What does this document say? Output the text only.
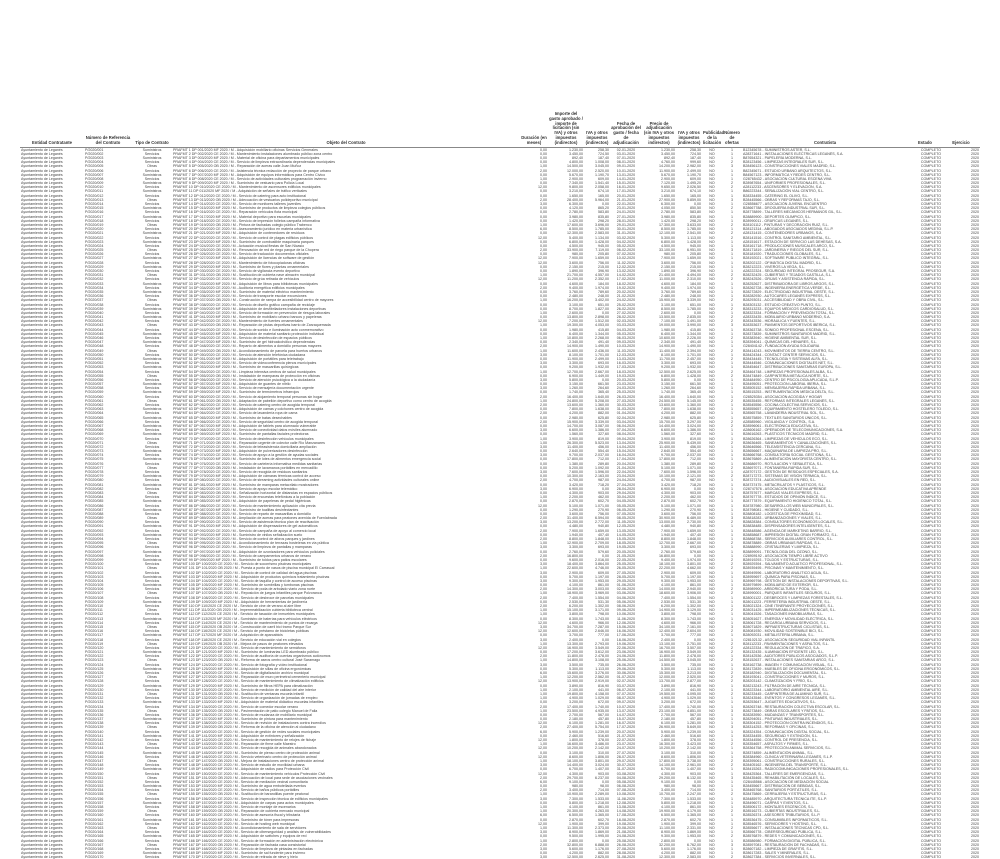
Entidad Contratante	Número de Referencia del Contrato	Tipo de Contrato	Objeto del Contrato	Duración (en meses)	Importe del gasto aprobado / importe de licitación (sin IVA) y otros impuestos (indirectos)	IVA y otros impuestos (indirectos)	Fecha de aprobación del gasto / fecha de adjudicación	Precio de adjudicación (sin IVA y otros impuestos indirectos)	IVA y otros impuestos (indirectos)	Publicidad de la licitación	Número de ofertas	Contratista	Estado	Ejercicio
Ayuntamiento de Leganés	P/2020/001	Suministros	PRAFMT 1 DP 001/2020 MF 2020 / M - Adquisición mobiliario oficinas Servicios Generales	0,00	1.230,00	258,30	02-01-2020	1.230,00	258,30	NO	1	B12345678 - SUMINISTROS ASTER, S.L.	COMPLETO	2020
Ayuntamiento de Leganés	P/2020/002	Servicios	PRAFMT 2 DP 002/2020 CE 2020 / M - Mantenimiento instalaciones alumbrado público zona centro	0,00	3.450,00	724,50	03-01-2020	3.450,00	724,50	NO	1	A28371641 - INSTALACIONES ELÉCTRICAS LEGANÉS, S.A.	COMPLETO	2020
Ayuntamiento de Leganés	P/2020/003	Suministros	PRAFMT 3 DP 003/2020 MF 2020 / M - Material de oficina para departamentos municipales	0,00	892,40	187,40	07-01-2020	892,40	187,40	NO	1	B87654321 - PAPELERÍA MODERNA, S.L.	COMPLETO	2020
Ayuntamiento de Leganés	P/2020/004	Servicios	PRAFMT 4 DP 004/2020 CE 2020 / M - Servicio de limpieza extraordinaria dependencias municipales	0,00	4.800,00	1.008,00	08-01-2020	4.760,00	999,60	NO	2	B28123456 - LIMPIEZAS INTEGRALES SUR, S.L.	COMPLETO	2020
Ayuntamiento de Leganés	P/2020/005	Obras	PRAFMT 5 DP 005/2020 OB 2020 / M - Reparación de aceras calle Juan Muñoz	1,00	14.500,00	3.045,00	09-01-2020	14.200,00	2.982,00	NO	3	B28456123 - CONSTRUCCIONES VIALES MADRID, S.L.	COMPLETO	2020
Ayuntamiento de Leganés	P/2020/006	Servicios	PRAFMT 6 DP 006/2020 CE 2020 / M - Asistencia técnica redacción de proyecto de parque urbano	2,00	12.000,00	2.520,00	10-01-2020	11.900,00	2.499,00	NO	1	B82345671 - ESTUDIO URBANO ARQUITECTOS, S.L.	COMPLETO	2020
Ayuntamiento de Leganés	P/2020/007	Suministros	PRAFMT 7 DP 007/2020 MF 2020 / M - Adquisición de equipos informáticos para Centro Cívico	0,00	5.670,00	1.190,70	13-01-2020	5.670,00	1.190,70	NO	1	B84567123 - INFORMÁTICA Y REDES CENTRO, S.L.	COMPLETO	2020
Ayuntamiento de Leganés	P/2020/008	Servicios	PRAFMT 8 DP 008/2020 CE 2020 / M - Servicio de actividades culturales programación invierno	1,00	2.900,00	609,00	14-01-2020	2.900,00	609,00	NO	1	G28765432 - ASOCIACIÓN CULTURAL ESCENA VIVA	COMPLETO	2020
Ayuntamiento de Leganés	P/2020/009	Suministros	PRAFMT 9 DP 009/2020 MF 2020 / M - Suministro de vestuario para Policía Local	0,00	7.340,00	1.541,40	15-01-2020	7.120,00	1.495,20	NO	2	B28987654 - UNIFORMES PROFESIONALES, S.L.	COMPLETO	2020
Ayuntamiento de Leganés	P/2020/010	Servicios	PRAFMT 10 DP 010/2020 CE 2020 / M - Mantenimiento de ascensores edificios municipales	12,00	9.800,00	2.058,00	16-01-2020	9.650,00	2.026,50	NO	2	A28112233 - ASCENSORES Y ELEVACIÓN, S.A.	COMPLETO	2020
Ayuntamiento de Leganés	P/2020/011	Suministros	PRAFMT 11 DP 011/2020 MF 2020 / M - Adquisición de señales de tráfico verticales	0,00	3.210,00	674,10	17-01-2020	3.210,00	674,10	NO	1	B86223344 - SEÑALIZACIÓN VIAL CENTRO, S.L.	COMPLETO	2020
Ayuntamiento de Leganés	P/2020/012	Servicios	PRAFMT 12 DP 012/2020 CE 2020 / M - Servicio de catering para acto institucional	0,00	1.650,00	165,00	20-01-2020	1.650,00	165,00	NO	1	B28334455 - CATERING EL OLIVO, S.L.	COMPLETO	2020
Ayuntamiento de Leganés	P/2020/013	Obras	PRAFMT 13 DP 013/2020 OB 2020 / M - Adecuación de vestuarios polideportivo municipal	2,00	28.400,00	5.964,00	21-01-2020	27.900,00	5.859,00	NO	3	B28445566 - OBRAS Y REFORMAS TAJO, S.L.	COMPLETO	2020
Ayuntamiento de Leganés	P/2020/014	Servicios	PRAFMT 14 DP 014/2020 CE 2020 / M - Servicio de monitores talleres juveniles	3,00	6.300,00	0,00	22-01-2020	6.300,00	0,00	NO	1	G28556677 - ASOCIACIÓN JUVENIL ENCUENTRO	COMPLETO	2020
Ayuntamiento de Leganés	P/2020/015	Suministros	PRAFMT 15 DP 015/2020 MF 2020 / M - Suministro de productos de limpieza colegios públicos	0,00	4.120,00	865,20	23-01-2020	4.050,00	850,50	NO	2	B28667788 - DROGUERÍA INDUSTRIAL SUR, S.L.	COMPLETO	2020
Ayuntamiento de Leganés	P/2020/016	Servicios	PRAFMT 16 DP 016/2020 CE 2020 / M - Reparación vehículos flota municipal	0,00	2.780,00	583,80	24-01-2020	2.780,00	583,80	NO	1	B28778899 - TALLERES MECÁNICOS HERMANOS GIL, S.L.	COMPLETO	2020
Ayuntamiento de Leganés	P/2020/017	Suministros	PRAFMT 17 DP 017/2020 MF 2020 / M - Material deportivo para escuelas municipales	0,00	3.980,00	835,80	27-01-2020	3.980,00	835,80	NO	1	B28889900 - DEPORTES OLÍMPICO, S.L.	COMPLETO	2020
Ayuntamiento de Leganés	P/2020/018	Servicios	PRAFMT 18 DP 018/2020 CE 2020 / M - Servicio de impresión folletos campaña informativa	0,00	1.420,00	298,20	28-01-2020	1.420,00	298,20	NO	1	B28990011 - GRÁFICAS LEGANÉS, S.L.	COMPLETO	2020
Ayuntamiento de Leganés	P/2020/019	Obras	PRAFMT 19 DP 019/2020 OB 2020 / M - Pintura de fachadas colegio público Trabenco	1,00	17.600,00	3.696,00	29-01-2020	17.300,00	3.633,00	NO	2	B28101112 - PINTURAS Y DECORACIÓN RUIZ, S.L.	COMPLETO	2020
Ayuntamiento de Leganés	P/2020/020	Servicios	PRAFMT 20 DP 020/2020 CE 2020 / M - Asesoramiento jurídico en materia urbanística	6,00	8.500,00	1.785,00	30-01-2020	8.500,00	1.785,00	NO	1	B28121314 - ABOGADOS ASOCIADOS MEDINA, S.L.P.	COMPLETO	2020
Ayuntamiento de Leganés	P/2020/021	Suministros	PRAFMT 21 DP 021/2020 MF 2020 / M - Adquisición de contenedores de residuos	0,00	12.300,00	2.583,00	31-01-2020	12.100,00	2.541,00	NO	2	A28131415 - CONTENEDORES URBANOS, S.A.	COMPLETO	2020
Ayuntamiento de Leganés	P/2020/022	Servicios	PRAFMT 22 DP 022/2020 CE 2020 / M - Servicio de control de plagas edificios públicos	12,00	5.400,00	1.134,00	03-02-2020	5.300,00	1.113,00	NO	2	B28141516 - CONTROL SANITARIO AMBIENTAL, S.L.	COMPLETO	2020
Ayuntamiento de Leganés	P/2020/023	Suministros	PRAFMT 23 DP 023/2020 MF 2020 / M - Suministro de combustible maquinaria parques	0,00	6.800,00	1.428,00	04-02-2020	6.800,00	1.428,00	NO	1	A28151617 - ESTACIÓN DE SERVICIO LAS DEHESAS, S.A.	COMPLETO	2020
Ayuntamiento de Leganés	P/2020/024	Servicios	PRAFMT 24 DP 024/2020 CE 2020 / M - Actuación musical fiestas de San Nicasio	0,00	4.500,00	945,00	05-02-2020	4.500,00	945,00	NO	1	B28161718 - PRODUCCIONES MUSICALES ARCO, S.L.	COMPLETO	2020
Ayuntamiento de Leganés	P/2020/025	Obras	PRAFMT 25 DP 025/2020 OB 2020 / M - Renovación de red de riego parque de la Chopera	2,00	33.900,00	7.119,00	06-02-2020	33.100,00	6.951,00	NO	3	B28171819 - JARDINERÍA Y RIEGOS DEL SUR, S.L.	COMPLETO	2020
Ayuntamiento de Leganés	P/2020/026	Servicios	PRAFMT 26 DP 026/2020 CE 2020 / M - Servicio de traducción documentos oficiales	0,00	980,00	205,80	07-02-2020	980,00	205,80	NO	1	B28181920 - TRADUCCIONES GLOBALES, S.L.	COMPLETO	2020
Ayuntamiento de Leganés	P/2020/027	Suministros	PRAFMT 27 DP 027/2020 MF 2020 / M - Adquisición de licencias de software de gestión	12,00	7.900,00	1.659,00	10-02-2020	7.900,00	1.659,00	NO	1	B28192021 - SOFTWARE PÚBLICO INTEGRAL, S.L.	COMPLETO	2020
Ayuntamiento de Leganés	P/2020/028	Servicios	PRAFMT 28 DP 028/2020 CE 2020 / M - Mantenimiento de fotocopiadoras oficinas	12,00	3.600,00	756,00	11-02-2020	3.600,00	756,00	NO	1	B28202122 - OFIMÁTICA DIGITAL MADRID, S.L.	COMPLETO	2020
Ayuntamiento de Leganés	P/2020/029	Suministros	PRAFMT 29 DP 029/2020 MF 2020 / M - Suministro de flores y plantas ornamentales	0,00	2.150,00	215,00	12-02-2020	2.150,00	215,00	NO	1	B28212223 - VIVEROS LA VEGA, S.L.	COMPLETO	2020
Ayuntamiento de Leganés	P/2020/030	Servicios	PRAFMT 30 DP 030/2020 CE 2020 / M - Servicio de vigilancia evento deportivo	0,00	1.890,00	396,90	13-02-2020	1.890,00	396,90	NO	1	A28222324 - SEGURIDAD INTEGRAL PROSEGUR, S.A.	COMPLETO	2020
Ayuntamiento de Leganés	P/2020/031	Obras	PRAFMT 31 DP 031/2020 OB 2020 / M - Sustitución de cubierta nave almacén municipal	1,00	21.700,00	4.557,00	14-02-2020	21.400,00	4.494,00	NO	2	B28232425 - CUBIERTAS Y TEJADOS CASTILLA, S.L.	COMPLETO	2020
Ayuntamiento de Leganés	P/2020/032	Servicios	PRAFMT 32 DP 032/2020 CE 2020 / M - Servicio de grúa retirada de vehículos	12,00	11.200,00	2.352,00	17-02-2020	11.000,00	2.310,00	NO	2	B28242526 - GRÚAS Y ASISTENCIA RÁPIDA, S.L.	COMPLETO	2020
Ayuntamiento de Leganés	P/2020/033	Suministros	PRAFMT 33 DP 033/2020 MF 2020 / M - Adquisición de libros para bibliotecas municipales	0,00	4.600,00	184,00	18-02-2020	4.600,00	184,00	NO	1	B28252627 - DISTRIBUIDORA DE LIBROS ARGOS, S.L.	COMPLETO	2020
Ayuntamiento de Leganés	P/2020/034	Servicios	PRAFMT 34 DP 034/2020 CE 2020 / M - Auditoría energética edificios municipales	2,00	9.400,00	1.974,00	19-02-2020	9.400,00	1.974,00	NO	1	B28262728 - INGENIERÍA ENERGÉTICA VERDE, S.L.	COMPLETO	2020
Ayuntamiento de Leganés	P/2020/035	Suministros	PRAFMT 35 DP 035/2020 MF 2020 / M - Suministro de material eléctrico mantenimiento	0,00	3.760,00	789,60	20-02-2020	3.760,00	789,60	NO	1	B28272829 - ELECTRICIDAD INDUSTRIAL OESTE, S.L.	COMPLETO	2020
Ayuntamiento de Leganés	P/2020/036	Servicios	PRAFMT 36 DP 036/2020 CE 2020 / M - Servicio de transporte escolar excursiones	0,00	2.480,00	248,00	21-02-2020	2.480,00	248,00	NO	1	B28282930 - AUTOCARES LEGANÉS EXPRESS, S.L.	COMPLETO	2020
Ayuntamiento de Leganés	P/2020/037	Obras	PRAFMT 37 DP 037/2020 OB 2020 / M - Construcción de rampa de accesibilidad centro de mayores	1,00	16.200,00	3.402,00	24-02-2020	15.900,00	3.339,00	NO	2	B28293031 - ACCESIBILIDAD Y OBRA CIVIL, S.L.	COMPLETO	2020
Ayuntamiento de Leganés	P/2020/038	Servicios	PRAFMT 38 DP 038/2020 CE 2020 / M - Servicio de diseño gráfico campaña de reciclaje	0,00	3.100,00	651,00	25-02-2020	3.100,00	651,00	NO	1	B28303132 - ESTUDIO CREATIVO PUNTO, S.L.	COMPLETO	2020
Ayuntamiento de Leganés	P/2020/039	Suministros	PRAFMT 39 DP 039/2020 MF 2020 / M - Adquisición de desfibriladores instalaciones deportivas	0,00	8.700,00	1.827,00	26-02-2020	8.500,00	1.785,00	NO	2	B28313233 - EQUIPOS MÉDICOS CARDIOSALUD, S.L.	COMPLETO	2020
Ayuntamiento de Leganés	P/2020/040	Servicios	PRAFMT 40 DP 040/2020 CE 2020 / M - Servicio de formación en prevención de riesgos laborales	1,00	2.600,00	0,00	27-02-2020	2.600,00	0,00	NO	1	B28323334 - FORMACIÓN Y PREVENCIÓN TOTAL, S.L.	COMPLETO	2020
Ayuntamiento de Leganés	P/2020/041	Suministros	PRAFMT 41 DP 041/2020 MF 2020 / M - Suministro de mobiliario urbano bancos y papeleras	0,00	13.800,00	2.898,00	28-02-2020	13.500,00	2.835,00	NO	2	A28333435 - MOBILIARIO URBANO MODERNO, S.A.	COMPLETO	2020
Ayuntamiento de Leganés	P/2020/042	Servicios	PRAFMT 42 DP 042/2020 CE 2020 / M - Mantenimiento de fuentes ornamentales	12,00	7.200,00	1.512,00	02-03-2020	7.100,00	1.491,00	NO	2	B28343536 - HIDRÁULICA Y FUENTES, S.L.	COMPLETO	2020
Ayuntamiento de Leganés	P/2020/043	Obras	PRAFMT 43 DP 043/2020 OB 2020 / M - Reparación de pistas deportivas barrio de Zarzaquemada	1,00	19.300,00	4.053,00	03-03-2020	19.000,00	3.990,00	NO	3	B28353637 - PAVIMENTOS DEPORTIVOS IBÉRICA, S.L.	COMPLETO	2020
Ayuntamiento de Leganés	P/2020/044	Servicios	PRAFMT 44 DP 044/2020 CE 2020 / M - Servicio de sonido e iluminación acto conmemorativo	0,00	1.980,00	415,80	04-03-2020	1.980,00	415,80	NO	1	B28363738 - SONIDO PROFESIONAL ESCENA, S.L.	COMPLETO	2020
Ayuntamiento de Leganés	P/2020/045	Suministros	PRAFMT 45 DP 045/2020 MF 2020 / M - Adquisición de material sanitario protección individual	0,00	6.400,00	1.344,00	05-03-2020	6.400,00	1.344,00	NO	1	B28373839 - SUMINISTROS SANITARIOS MADRID, S.L.	COMPLETO	2020
Ayuntamiento de Leganés	P/2020/046	Servicios	PRAFMT 46 DP 046/2020 CE 2020 / M - Servicio de desinfección de espacios públicos	1,00	10.800,00	2.268,00	06-03-2020	10.600,00	2.226,00	NO	2	B28383940 - HIGIENE AMBIENTAL SUR, S.L.	COMPLETO	2020
Ayuntamiento de Leganés	P/2020/047	Suministros	PRAFMT 47 DP 047/2020 MF 2020 / M - Suministro de gel hidroalcohólico dependencias	0,00	2.340,00	491,40	09-03-2020	2.340,00	491,40	NO	1	B28394041 - QUÍMICAS DEL HENARES, S.L.	COMPLETO	2020
Ayuntamiento de Leganés	P/2020/048	Servicios	PRAFMT 48 DP 048/2020 CE 2020 / M - Reparto de alimentos a domicilio personas mayores	2,00	14.900,00	1.490,00	10-03-2020	14.900,00	1.490,00	NO	1	G28404142 - FUNDACIÓN AYUDA SOLIDARIA	COMPLETO	2020
Ayuntamiento de Leganés	P/2020/049	Obras	PRAFMT 49 DP 049/2020 OB 2020 / M - Acondicionamiento de parcela para huertos urbanos	1,00	11.600,00	2.436,00	11-03-2020	11.400,00	2.394,00	NO	2	B28414243 - MOVIMIENTOS DE TIERRA CENTRO, S.L.	COMPLETO	2020
Ayuntamiento de Leganés	P/2020/050	Servicios	PRAFMT 50 DP 050/2020 CE 2020 / M - Servicio de atención telefónica ciudadana	3,00	8.100,00	1.701,00	12-03-2020	8.100,00	1.701,00	NO	1	B28424344 - CONTACT CENTER SERVICIOS, S.L.	COMPLETO	2020
Ayuntamiento de Leganés	P/2020/051	Suministros	PRAFMT 51 DP 051/2020 MF 2020 / M - Adquisición de portátiles para teletrabajo	0,00	11.900,00	2.499,00	13-03-2020	11.700,00	2.457,00	NO	2	B28434445 - TECNOLOGÍA Y SISTEMAS ALFA, S.L.	COMPLETO	2020
Ayuntamiento de Leganés	P/2020/052	Servicios	PRAFMT 52 DP 052/2020 CE 2020 / M - Servicio de videoconferencia plenos municipales	3,00	3.300,00	693,00	16-03-2020	3.300,00	693,00	NO	1	B28444546 - COMUNICACIONES DIGITALES NET, S.L.	COMPLETO	2020
Ayuntamiento de Leganés	P/2020/053	Suministros	PRAFMT 53 DP 053/2020 MF 2020 / M - Suministro de mascarillas quirúrgicas	0,00	9.200,00	1.932,00	17-03-2020	9.200,00	1.932,00	NO	1	B28454647 - DISTRIBUCIONES SANITARIAS EUROPA, S.L.	COMPLETO	2020
Ayuntamiento de Leganés	P/2020/054	Servicios	PRAFMT 54 DP 054/2020 CE 2020 / M - Limpieza intensiva centros de salud municipales	1,00	12.700,00	2.667,00	18-03-2020	12.500,00	2.625,00	NO	2	B28464748 - LIMPIEZAS PROFESIONALES ALBA, S.L.	COMPLETO	2020
Ayuntamiento de Leganés	P/2020/055	Obras	PRAFMT 55 DP 055/2020 OB 2020 / M - Instalación de mamparas de protección en oficinas	0,00	6.900,00	1.449,00	19-03-2020	6.800,00	1.428,00	NO	2	B28474849 - CARPINTERÍA METÁLICA NORTE, S.L.	COMPLETO	2020
Ayuntamiento de Leganés	P/2020/056	Servicios	PRAFMT 56 DP 056/2020 CE 2020 / M - Servicio de atención psicológica a la ciudadanía	3,00	5.800,00	0,00	20-03-2020	5.800,00	0,00	NO	1	B28484950 - CENTRO DE PSICOLOGÍA APLICADA, S.L.P.	COMPLETO	2020
Ayuntamiento de Leganés	P/2020/057	Suministros	PRAFMT 57 DP 057/2020 MF 2020 / M - Adquisición de guantes de nitrilo	0,00	3.150,00	661,50	23-03-2020	3.150,00	661,50	NO	1	B28495051 - PROTECCIÓN LABORAL IBERIA, S.L.	COMPLETO	2020
Ayuntamiento de Leganés	P/2020/058	Servicios	PRAFMT 58 DP 058/2020 CE 2020 / M - Servicio de mensajería documentación urgente	3,00	1.260,00	264,60	24-03-2020	1.260,00	264,60	NO	1	B28505152 - MENSAJERÍA RÁPIDA URBANA, S.L.	COMPLETO	2020
Ayuntamiento de Leganés	P/2020/059	Suministros	PRAFMT 59 DP 059/2020 MF 2020 / M - Suministro de termómetros infrarrojos	0,00	1.740,00	365,40	25-03-2020	1.740,00	365,40	NO	1	B28515253 - INSTRUMENTACIÓN MÉDICA DELTA, S.L.	COMPLETO	2020
Ayuntamiento de Leganés	P/2020/060	Servicios	PRAFMT 60 DP 060/2020 CE 2020 / M - Servicio de alojamiento temporal personas sin hogar	2,00	16.400,00	1.640,00	26-03-2020	16.400,00	1.640,00	NO	1	G28525354 - ASOCIACIÓN ACOGIDA Y HOGAR	COMPLETO	2020
Ayuntamiento de Leganés	P/2020/061	Obras	PRAFMT 61 DP 061/2020 OB 2020 / M - Adaptación de pabellón deportivo como centro de acogida	1,00	24.800,00	5.208,00	27-03-2020	24.500,00	5.145,00	NO	2	B28535455 - REFORMAS INTEGRALES LEGANÉS, S.L.	COMPLETO	2020
Ayuntamiento de Leganés	P/2020/062	Servicios	PRAFMT 62 DP 062/2020 CE 2020 / M - Servicio de catering centro de acogida temporal	2,00	13.600,00	1.360,00	30-03-2020	13.600,00	1.360,00	NO	1	B28545556 - COCINA COLECTIVA SERVICIOS, S.L.	COMPLETO	2020
Ayuntamiento de Leganés	P/2020/063	Suministros	PRAFMT 63 DP 063/2020 MF 2020 / M - Adquisición de camas y colchones centro de acogida	0,00	7.800,00	1.638,00	31-03-2020	7.800,00	1.638,00	NO	1	B28555657 - EQUIPAMIENTO HOSTELERO TOLEDO, S.L.	COMPLETO	2020
Ayuntamiento de Leganés	P/2020/064	Servicios	PRAFMT 64 DP 064/2020 CE 2020 / M - Servicio de lavandería ropa de cama	2,00	4.200,00	882,00	01-04-2020	4.200,00	882,00	NO	1	B28565758 - LAVANDERÍA INDUSTRIAL SOL, S.L.	COMPLETO	2020
Ayuntamiento de Leganés	P/2020/065	Suministros	PRAFMT 65 DP 065/2020 MF 2020 / M - Suministro de batas desechables	0,00	2.980,00	625,80	02-04-2020	2.980,00	625,80	NO	1	B28575859 - TEXTILES SANITARIOS ÚNICOS, S.L.	COMPLETO	2020
Ayuntamiento de Leganés	P/2020/066	Servicios	PRAFMT 66 DP 066/2020 CE 2020 / M - Servicio de seguridad centro de acogida temporal	2,00	15.900,00	3.339,00	03-04-2020	15.700,00	3.297,00	NO	2	A28585960 - VIGILANCIA Y CONTROL, S.A.	COMPLETO	2020
Ayuntamiento de Leganés	P/2020/067	Suministros	PRAFMT 67 DP 067/2020 MF 2020 / M - Adquisición de tablets para alumnado vulnerable	0,00	14.700,00	3.087,00	06-04-2020	14.400,00	3.024,00	NO	2	B28596061 - ELECTRÓNICA EDUCATIVA, S.L.	COMPLETO	2020
Ayuntamiento de Leganés	P/2020/068	Servicios	PRAFMT 68 DP 068/2020 CE 2020 / M - Servicio de conectividad datos móviles alumnado	3,00	6.600,00	1.386,00	07-04-2020	6.600,00	1.386,00	NO	1	A28606162 - OPERADOR DE TELECOMUNICACIONES, S.A.	COMPLETO	2020
Ayuntamiento de Leganés	P/2020/069	Suministros	PRAFMT 69 DP 069/2020 MF 2020 / M - Suministro de pantallas faciales protectoras	0,00	1.560,00	327,60	08-04-2020	1.560,00	327,60	NO	1	B28616263 - PLÁSTICOS TÉCNICOS MADRID, S.L.	COMPLETO	2020
Ayuntamiento de Leganés	P/2020/070	Servicios	PRAFMT 70 DP 070/2020 CE 2020 / M - Servicio de desinfección vehículos municipales	1,00	3.900,00	819,00	09-04-2020	3.900,00	819,00	NO	1	B28626364 - LIMPIEZAS DE VEHÍCULOS ECO, S.L.	COMPLETO	2020
Ayuntamiento de Leganés	P/2020/071	Obras	PRAFMT 71 DP 071/2020 OB 2020 / M - Reparación urgente de colector calle Río Manzanares	1,00	26.300,00	5.523,00	13-04-2020	25.900,00	5.439,00	NO	2	B28636465 - SANEAMIENTOS Y CANALIZACIONES, S.L.	COMPLETO	2020
Ayuntamiento de Leganés	P/2020/072	Servicios	PRAFMT 72 DP 072/2020 CE 2020 / M - Servicio de teleasistencia domiciliaria ampliación	3,00	11.400,00	456,00	14-04-2020	11.400,00	456,00	NO	1	B28646566 - TELEASISTENCIA CERCANA, S.L.	COMPLETO	2020
Ayuntamiento de Leganés	P/2020/073	Suministros	PRAFMT 73 DP 073/2020 MF 2020 / M - Adquisición de pulverizadores desinfección	0,00	2.640,00	554,40	15-04-2020	2.640,00	554,40	NO	1	B28656667 - MAQUINARIA DE LIMPIEZA PRO, S.L.	COMPLETO	2020
Ayuntamiento de Leganés	P/2020/074	Servicios	PRAFMT 74 DP 074/2020 CE 2020 / M - Servicio de apoyo a la gestión de ayudas sociales	3,00	9.700,00	2.037,00	16-04-2020	9.700,00	2.037,00	NO	1	B28666768 - CONSULTORÍA SOCIAL GESTIONA, S.L.	COMPLETO	2020
Ayuntamiento de Leganés	P/2020/075	Suministros	PRAFMT 75 DP 075/2020 MF 2020 / M - Suministro de lotes de alimentos emergencia social	0,00	17.800,00	712,00	17-04-2020	17.800,00	712,00	NO	1	B28676869 - ALIMENTACIÓN MAYORISTA CENTRO, S.L.	COMPLETO	2020
Ayuntamiento de Leganés	P/2020/076	Servicios	PRAFMT 76 DP 076/2020 CE 2020 / M - Servicio de cartelería informativa medidas sanitarias	0,00	1.380,00	289,80	20-04-2020	1.380,00	289,80	NO	1	B28686970 - ROTULACIÓN Y SEÑALÉTICA, S.L.	COMPLETO	2020
Ayuntamiento de Leganés	P/2020/077	Obras	PRAFMT 77 DP 077/2020 OB 2020 / M - Instalación de lavamanos portátiles en mercadillo	0,00	5.200,00	1.092,00	21-04-2020	5.100,00	1.071,00	NO	2	B28697071 - FONTANERÍA RÁPIDA SUR, S.L.	COMPLETO	2020
Ayuntamiento de Leganés	P/2020/078	Servicios	PRAFMT 78 DP 078/2020 CE 2020 / M - Servicio de recogida de residuos sanitarios	3,00	7.600,00	1.596,00	22-04-2020	7.600,00	1.596,00	NO	1	A28707172 - GESTIÓN DE RESIDUOS ESPECIALES, S.A.	COMPLETO	2020
Ayuntamiento de Leganés	P/2020/079	Suministros	PRAFMT 79 DP 079/2020 MF 2020 / M - Adquisición de cámaras térmicas control de acceso	0,00	10.300,00	2.163,00	23-04-2020	10.100,00	2.121,00	NO	2	B28717273 - SISTEMAS DE VISIÓN TÉRMICA, S.L.	COMPLETO	2020
Ayuntamiento de Leganés	P/2020/080	Servicios	PRAFMT 80 DP 080/2020 CE 2020 / M - Servicio de streaming actividades culturales online	2,00	4.700,00	987,00	24-04-2020	4.700,00	987,00	NO	1	B28727374 - AUDIOVISUALES EN RED, S.L.	COMPLETO	2020
Ayuntamiento de Leganés	P/2020/081	Suministros	PRAFMT 81 DP 081/2020 MF 2020 / M - Suministro de mamparas metacrilato mostradores	0,00	3.420,00	718,20	27-04-2020	3.420,00	718,20	NO	1	B28737475 - METACRILATOS Y PLÁSTICOS, S.L.	COMPLETO	2020
Ayuntamiento de Leganés	P/2020/082	Servicios	PRAFMT 82 DP 082/2020 CE 2020 / M - Servicio de apoyo escolar telemático	3,00	6.900,00	0,00	28-04-2020	6.900,00	0,00	NO	1	G28747576 - ASOCIACIÓN EDUCATIVA APRENDE	COMPLETO	2020
Ayuntamiento de Leganés	P/2020/083	Obras	PRAFMT 83 DP 083/2020 OB 2020 / M - Señalización horizontal de distancias en espacios públicos	0,00	4.300,00	903,00	29-04-2020	4.300,00	903,00	NO	1	B28757677 - MARCAS VIALES EXPRESS, S.L.	COMPLETO	2020
Ayuntamiento de Leganés	P/2020/084	Servicios	PRAFMT 84 DP 084/2020 CE 2020 / M - Servicio de encuestas telefónicas a la población	1,00	2.200,00	462,00	30-04-2020	2.200,00	462,00	NO	1	B28767778 - ESTUDIOS DE OPINIÓN ÍNDICE, S.L.	COMPLETO	2020
Ayuntamiento de Leganés	P/2020/085	Suministros	PRAFMT 85 DP 085/2020 MF 2020 / M - Adquisición de papeleras de pedal higiénicas	0,00	2.870,00	602,70	04-05-2020	2.870,00	602,70	NO	1	B28777879 - EQUIPAMIENTO HIGIÉNICO TOTAL, S.L.	COMPLETO	2020
Ayuntamiento de Leganés	P/2020/086	Servicios	PRAFMT 86 DP 086/2020 CE 2020 / M - Servicio de mantenimiento aplicación cita previa	12,00	5.100,00	1.071,00	05-05-2020	5.100,00	1.071,00	NO	1	B28787980 - DESARROLLOS WEB MUNICIPALES, S.L.	COMPLETO	2020
Ayuntamiento de Leganés	P/2020/087	Suministros	PRAFMT 87 DP 087/2020 MF 2020 / M - Suministro de toallitas desinfectantes	0,00	1.290,00	270,90	06-05-2020	1.290,00	270,90	NO	1	B28798081 - HIGIENE Y CUIDADO, S.L.	COMPLETO	2020
Ayuntamiento de Leganés	P/2020/088	Servicios	PRAFMT 88 DP 088/2020 CE 2020 / M - Servicio de reparto de mascarillas a domicilio	0,00	3.600,00	756,00	07-05-2020	3.600,00	756,00	NO	1	B28808182 - LOGÍSTICA DE PROXIMIDAD, S.L.	COMPLETO	2020
Ayuntamiento de Leganés	P/2020/089	Obras	PRAFMT 89 DP 089/2020 OB 2020 / M - Ampliación de aceras para peatones avenida de Fuenlabrada	2,00	31.400,00	6.594,00	08-05-2020	30.900,00	6.489,00	NO	3	B28818283 - URBANIZACIONES Y VIALES, S.L.	COMPLETO	2020
Ayuntamiento de Leganés	P/2020/090	Servicios	PRAFMT 90 DP 090/2020 CE 2020 / M - Servicio de asistencia técnica plan de reactivación	3,00	13.200,00	2.772,00	11-05-2020	13.000,00	2.730,00	NO	2	B28828384 - CONSULTORES ECONÓMICOS LOCALES, S.L.	COMPLETO	2020
Ayuntamiento de Leganés	P/2020/091	Suministros	PRAFMT 91 DP 091/2020 MF 2020 / M - Adquisición de dispensadores de gel automáticos	0,00	4.480,00	940,80	12-05-2020	4.480,00	940,80	NO	1	B28838485 - DISPENSADORES INTELIGENTES, S.L.	COMPLETO	2020
Ayuntamiento de Leganés	P/2020/092	Servicios	PRAFMT 92 DP 092/2020 CE 2020 / M - Servicio de campaña de apoyo al comercio local	2,00	7.900,00	1.659,00	13-05-2020	7.900,00	1.659,00	NO	1	B28848586 - AGENCIA DE MARKETING BARRIO, S.L.	COMPLETO	2020
Ayuntamiento de Leganés	P/2020/093	Suministros	PRAFMT 93 DP 093/2020 MF 2020 / M - Suministro de vinilos señalización suelo	0,00	1.940,00	407,40	14-05-2020	1.940,00	407,40	NO	1	B28858687 - IMPRESIÓN DIGITAL GRAN FORMATO, S.L.	COMPLETO	2020
Ayuntamiento de Leganés	P/2020/094	Servicios	PRAFMT 94 DP 094/2020 CE 2020 / M - Servicio de control de aforos parques y jardines	2,00	8.800,00	1.848,00	15-05-2020	8.800,00	1.848,00	NO	1	B28868788 - SERVICIOS AUXILIARES CONTROL, S.L.	COMPLETO	2020
Ayuntamiento de Leganés	P/2020/095	Obras	PRAFMT 95 DP 095/2020 OB 2020 / M - Acondicionamiento de terrazas hosteleras en vía pública	1,00	12.900,00	2.709,00	18-05-2020	12.700,00	2.667,00	NO	2	B28878889 - OBRAS URBANAS RÁPIDAS, S.L.	COMPLETO	2020
Ayuntamiento de Leganés	P/2020/096	Servicios	PRAFMT 96 DP 096/2020 CE 2020 / M - Servicio de limpieza de pantallas y mamparas	3,00	3.300,00	693,00	19-05-2020	3.300,00	693,00	NO	1	B28888990 - CRISTALERÍAS Y LIMPIEZA, S.L.	COMPLETO	2020
Ayuntamiento de Leganés	P/2020/097	Suministros	PRAFMT 97 DP 097/2020 MF 2020 / M - Adquisición de ozonizadores para vehículos policiales	0,00	2.760,00	579,60	20-05-2020	2.760,00	579,60	NO	1	B28899091 - TECNOLOGÍA DEL OZONO, S.L.	COMPLETO	2020
Ayuntamiento de Leganés	P/2020/098	Servicios	PRAFMT 98 DP 098/2020 CE 2020 / M - Servicio de campamentos urbanos de verano	2,00	16.800,00	0,00	21-05-2020	16.800,00	0,00	NO	1	G28909192 - ASOCIACIÓN TIEMPO LIBRE ACTIVO	COMPLETO	2020
Ayuntamiento de Leganés	P/2020/099	Suministros	PRAFMT 99 DP 099/2020 MF 2020 / M - Suministro de toldos para patios escolares	0,00	9.600,00	2.016,00	22-05-2020	9.400,00	1.974,00	NO	2	B28919293 - TOLDOS Y ESTRUCTURAS, S.L.	COMPLETO	2020
Ayuntamiento de Leganés	P/2020/100	Servicios	PRAFMT 100 DP 100/2020 CE 2020 / M - Servicio de socorrismo piscinas municipales	3,00	18.400,00	3.864,00	25-05-2020	18.100,00	3.801,00	NO	2	B28929394 - SALVAMENTO ACUÁTICO PROFESIONAL, S.L.	COMPLETO	2020
Ayuntamiento de Leganés	P/2020/101	Obras	PRAFMT 101 DP 101/2020 OB 2020 / M - Puesta a punto de vasos de piscina municipal El Carrascal	1,00	22.600,00	4.746,00	26-05-2020	22.200,00	4.662,00	NO	2	B28939495 - PISCINAS Y MANTENIMIENTO, S.L.	COMPLETO	2020
Ayuntamiento de Leganés	P/2020/102	Servicios	PRAFMT 102 DP 102/2020 CE 2020 / M - Servicio de control de calidad del agua piscinas	3,00	2.900,00	609,00	27-05-2020	2.900,00	609,00	NO	1	B28949596 - LABORATORIO ANALÍTICO AGUA, S.L.	COMPLETO	2020
Ayuntamiento de Leganés	P/2020/103	Suministros	PRAFMT 103 DP 103/2020 MF 2020 / M - Adquisición de productos químicos tratamiento piscinas	0,00	5.700,00	1.197,00	28-05-2020	5.700,00	1.197,00	NO	1	B28959697 - QUÍMICA PARA PISCINAS, S.L.	COMPLETO	2020
Ayuntamiento de Leganés	P/2020/104	Servicios	PRAFMT 104 DP 104/2020 CE 2020 / M - Servicio de taquilla y control de acceso piscinas	3,00	9.300,00	1.953,00	29-05-2020	9.300,00	1.953,00	NO	1	B28969798 - GESTIÓN DE INSTALACIONES DEPORTIVAS, S.L.	COMPLETO	2020
Ayuntamiento de Leganés	P/2020/105	Suministros	PRAFMT 105 DP 105/2020 MF 2020 / M - Suministro de sombrillas y tumbonas piscinas	0,00	4.100,00	861,00	01-06-2020	4.100,00	861,00	NO	1	B28979899 - MOBILIARIO DE EXTERIOR, S.L.	COMPLETO	2020
Ayuntamiento de Leganés	P/2020/106	Servicios	PRAFMT 106 DP 106/2020 CE 2020 / M - Servicio de poda de arbolado viario zona norte	2,00	14.300,00	3.003,00	02-06-2020	14.000,00	2.940,00	NO	2	B28989900 - ARBORICULTURA Y PODA, S.L.	COMPLETO	2020
Ayuntamiento de Leganés	P/2020/107	Obras	PRAFMT 107 DP 107/2020 OB 2020 / M - Reposición de juegos infantiles parque Polvoranca	1,00	18.900,00	3.969,00	03-06-2020	18.600,00	3.906,00	NO	2	B28990001 - PARQUES INFANTILES SEGUROS, S.L.	COMPLETO	2020
Ayuntamiento de Leganés	P/2020/108	Servicios	PRAFMT 108 DP 108/2020 CE 2020 / M - Servicio de desbroce de parcelas municipales	2,00	7.400,00	1.554,00	04-06-2020	7.400,00	1.554,00	NO	1	B28001122 - DESBROCES Y LIMPIEZAS FORESTALES, S.L.	COMPLETO	2020
Ayuntamiento de Leganés	P/2020/109	Suministros	PRAFMT 109 DP 109/2020 MF 2020 / M - Adquisición de herramientas de jardinería	0,00	2.530,00	531,30	05-06-2020	2.530,00	531,30	NO	1	B28011223 - FERRETERÍA INDUSTRIAL OESTE, S.L.	COMPLETO	2020
Ayuntamiento de Leganés	P/2020/110	Servicios	PRAFMT 110 DP 110/2020 CE 2020 / M - Servicio de cine de verano al aire libre	2,00	6.200,00	1.302,00	08-06-2020	6.200,00	1.302,00	NO	1	B28021324 - CINE ITINERANTE PROYECCIONES, S.L.	COMPLETO	2020
Ayuntamiento de Leganés	P/2020/111	Obras	PRAFMT 111 DP 111/2020 OB 2020 / M - Impermeabilización cubierta biblioteca central	1,00	15.100,00	3.171,00	09-06-2020	14.900,00	3.129,00	NO	2	B28031425 - IMPERMEABILIZACIONES TÉCNICAS, S.L.	COMPLETO	2020
Ayuntamiento de Leganés	P/2020/112	Servicios	PRAFMT 112 DP 112/2020 CE 2020 / M - Servicio de tasación de inmuebles municipales	1,00	3.800,00	798,00	10-06-2020	3.800,00	798,00	NO	1	B28041526 - TASACIONES INMOBILIARIAS, S.L.	COMPLETO	2020
Ayuntamiento de Leganés	P/2020/113	Suministros	PRAFMT 113 DP 113/2020 MF 2020 / M - Suministro de baterías para vehículos eléctricos	0,00	8.300,00	1.743,00	11-06-2020	8.300,00	1.743,00	NO	1	B28051627 - ENERGÍA Y MOVILIDAD ELÉCTRICA, S.L.	COMPLETO	2020
Ayuntamiento de Leganés	P/2020/114	Servicios	PRAFMT 114 DP 114/2020 CE 2020 / M - Servicio de mantenimiento de puntos de recarga	12,00	4.600,00	966,00	12-06-2020	4.600,00	966,00	NO	1	B28061728 - RECARGA URBANA SERVICIOS, S.L.	COMPLETO	2020
Ayuntamiento de Leganés	P/2020/115	Obras	PRAFMT 115 DP 115/2020 OB 2020 / M - Construcción de carril bici tramo Parque Sur	3,00	34.700,00	7.287,00	15-06-2020	34.100,00	7.161,00	NO	3	B28071829 - INFRAESTRUCTURAS CICLISTAS, S.L.	COMPLETO	2020
Ayuntamiento de Leganés	P/2020/116	Servicios	PRAFMT 116 DP 116/2020 CE 2020 / M - Servicio de préstamo de bicicletas públicas	12,00	12.600,00	2.646,00	16-06-2020	12.400,00	2.604,00	NO	2	B28081930 - MOVILIDAD SOSTENIBLE BICI, S.L.	COMPLETO	2020
Ayuntamiento de Leganés	P/2020/117	Suministros	PRAFMT 117 DP 117/2020 MF 2020 / M - Adquisición de aparcabicis	0,00	3.700,00	777,00	17-06-2020	3.700,00	777,00	NO	1	B28092031 - METALISTERÍA URBANA, S.L.	COMPLETO	2020
Ayuntamiento de Leganés	P/2020/118	Servicios	PRAFMT 118 DP 118/2020 CE 2020 / M - Servicio de educación vial en colegios	3,00	2.400,00	0,00	18-06-2020	2.400,00	0,00	NO	1	G28102132 - ASOCIACIÓN SEGURIDAD VIAL INFANTIL	COMPLETO	2020
Ayuntamiento de Leganés	P/2020/119	Obras	PRAFMT 119 DP 119/2020 OB 2020 / M - Mejora de pasos de peatones elevados	1,00	13.300,00	2.793,00	19-06-2020	13.100,00	2.751,00	NO	2	B28112233 - PAVIMENTACIONES Y ASFALTOS, S.L.	COMPLETO	2020
Ayuntamiento de Leganés	P/2020/120	Servicios	PRAFMT 120 DP 120/2020 CE 2020 / M - Servicio de mantenimiento de semáforos	12,00	16.900,00	3.549,00	22-06-2020	16.700,00	3.507,00	NO	2	A28122334 - REGULACIÓN DE TRÁFICO, S.A.	COMPLETO	2020
Ayuntamiento de Leganés	P/2020/121	Suministros	PRAFMT 121 DP 121/2020 MF 2020 / M - Suministro de luminarias LED alumbrado público	0,00	17.200,00	3.612,00	23-06-2020	16.900,00	3.549,00	NO	2	B28132435 - ILUMINACIÓN EFICIENTE LED, S.L.	COMPLETO	2020
Ayuntamiento de Leganés	P/2020/122	Servicios	PRAFMT 122 DP 122/2020 CE 2020 / M - Servicio de auditoría de cuentas organismos autónomos	2,00	11.800,00	2.478,00	24-06-2020	11.800,00	2.478,00	NO	1	B28142536 - AUDITORES PÚBLICOS ASOCIADOS, S.L.P.	COMPLETO	2020
Ayuntamiento de Leganés	P/2020/123	Obras	PRAFMT 123 DP 123/2020 OB 2020 / M - Reforma de aseos centro cultural José Saramago	1,00	14.800,00	3.108,00	25-06-2020	14.500,00	3.045,00	NO	2	B28152637 - INSTALACIONES SANITARIAS ARCO, S.L.	COMPLETO	2020
Ayuntamiento de Leganés	P/2020/124	Servicios	PRAFMT 124 DP 124/2020 CE 2020 / M - Servicio de fotografía y vídeo institucional	3,00	3.500,00	735,00	26-06-2020	3.500,00	735,00	NO	1	B28162738 - IMAGEN Y COMUNICACIÓN VISUAL, S.L.	COMPLETO	2020
Ayuntamiento de Leganés	P/2020/125	Suministros	PRAFMT 125 DP 125/2020 MF 2020 / M - Adquisición de sillas de oficina ergonómicas	0,00	5.300,00	1.113,00	29-06-2020	5.300,00	1.113,00	NO	1	B28172839 - MUEBLES DE OFICINA ERGONÓMICOS, S.L.	COMPLETO	2020
Ayuntamiento de Leganés	P/2020/126	Servicios	PRAFMT 126 DP 126/2020 CE 2020 / M - Servicio de digitalización archivo municipal	6,00	15.600,00	3.276,00	30-06-2020	15.300,00	3.213,00	NO	2	B28182940 - DIGITALIZACIÓN DOCUMENTAL, S.L.	COMPLETO	2020
Ayuntamiento de Leganés	P/2020/127	Obras	PRAFMT 127 DP 127/2020 OB 2020 / M - Reparación de muro perimetral cementerio municipal	1,00	12.200,00	2.562,00	01-07-2020	12.000,00	2.520,00	NO	2	B28193041 - CONSTRUCCIONES Y MUROS, S.L.	COMPLETO	2020
Ayuntamiento de Leganés	P/2020/128	Servicios	PRAFMT 128 DP 128/2020 CE 2020 / M - Servicio de mantenimiento de climatización edificios	12,00	13.900,00	2.919,00	02-07-2020	13.700,00	2.877,00	NO	2	B28203142 - CLIMATIZACIÓN Y FRÍO, S.L.	COMPLETO	2020
Ayuntamiento de Leganés	P/2020/129	Suministros	PRAFMT 129 DP 129/2020 MF 2020 / M - Suministro de filtros HEPA para climatización	0,00	3.890,00	816,90	03-07-2020	3.890,00	816,90	NO	1	B28213243 - FILTRACIÓN DE AIRE TÉCNICA, S.L.	COMPLETO	2020
Ayuntamiento de Leganés	P/2020/130	Servicios	PRAFMT 130 DP 130/2020 CE 2020 / M - Servicio de medición de calidad del aire interior	1,00	2.100,00	441,00	06-07-2020	2.100,00	441,00	NO	1	B28223344 - LABORATORIO AMBIENTAL AIRE, S.L.	COMPLETO	2020
Ayuntamiento de Leganés	P/2020/131	Obras	PRAFMT 131 DP 131/2020 OB 2020 / M - Sustitución de ventanas escuela infantil	1,00	19.800,00	4.158,00	07-07-2020	19.500,00	4.095,00	NO	2	B28233445 - CARPINTERÍA DE ALUMINIO SUR, S.L.	COMPLETO	2020
Ayuntamiento de Leganés	P/2020/132	Servicios	PRAFMT 132 DP 132/2020 CE 2020 / M - Servicio de organización de jornadas de empleo	1,00	4.900,00	1.029,00	08-07-2020	4.900,00	1.029,00	NO	1	B28243546 - EVENTOS Y CONGRESOS LEGANÉS, S.L.	COMPLETO	2020
Ayuntamiento de Leganés	P/2020/133	Suministros	PRAFMT 133 DP 133/2020 MF 2020 / M - Adquisición de material didáctico escuelas infantiles	0,00	3.200,00	672,00	09-07-2020	3.200,00	672,00	NO	1	B28253647 - JUGUETES EDUCATIVOS, S.L.	COMPLETO	2020
Ayuntamiento de Leganés	P/2020/134	Servicios	PRAFMT 134 DP 134/2020 CE 2020 / M - Servicio de comedor escolar verano	2,00	17.400,00	1.740,00	10-07-2020	17.400,00	1.740,00	NO	1	B28263748 - RESTAURACIÓN COLECTIVA ESCOLAR, S.L.	COMPLETO	2020
Ayuntamiento de Leganés	P/2020/135	Obras	PRAFMT 135 DP 135/2020 OB 2020 / M - Pavimentación de patio colegio Manuel de Falla	1,00	23.500,00	4.935,00	13-07-2020	23.100,00	4.851,00	NO	3	B28273849 - OBRAS ESCOLARES Y PATIOS, S.L.	COMPLETO	2020
Ayuntamiento de Leganés	P/2020/136	Servicios	PRAFMT 136 DP 136/2020 CE 2020 / M - Servicio de mudanza de mobiliario municipal	0,00	2.700,00	567,00	14-07-2020	2.700,00	567,00	NO	1	B28283950 - MUDANZAS Y TRANSPORTES, S.L.	COMPLETO	2020
Ayuntamiento de Leganés	P/2020/137	Suministros	PRAFMT 137 DP 137/2020 MF 2020 / M - Suministro de pintura para mantenimiento	0,00	2.180,00	457,80	15-07-2020	2.180,00	457,80	NO	1	B28294051 - PINTURAS INDUSTRIALES, S.L.	COMPLETO	2020
Ayuntamiento de Leganés	P/2020/138	Servicios	PRAFMT 138 DP 138/2020 CE 2020 / M - Servicio de revisión de instalaciones contra incendios	12,00	6.100,00	1.281,00	16-07-2020	6.100,00	1.281,00	NO	1	B28304152 - PROTECCIÓN CONTRA INCENDIOS, S.L.	COMPLETO	2020
Ayuntamiento de Leganés	P/2020/139	Obras	PRAFMT 139 DP 139/2020 OB 2020 / M - Reforma de la oficina de atención al ciudadano	2,00	27.400,00	5.754,00	17-07-2020	26.900,00	5.649,00	NO	3	B28314253 - REFORMAS Y OFICINAS, S.L.	COMPLETO	2020
Ayuntamiento de Leganés	P/2020/140	Servicios	PRAFMT 140 DP 140/2020 CE 2020 / M - Servicio de gestión de redes sociales municipales	6,00	5.900,00	1.239,00	20-07-2020	5.900,00	1.239,00	NO	1	B28324354 - COMUNICACIÓN DIGITAL SOCIAL, S.L.	COMPLETO	2020
Ayuntamiento de Leganés	P/2020/141	Suministros	PRAFMT 141 DP 141/2020 MF 2020 / M - Adquisición de extintores y señalización	0,00	2.460,00	516,60	21-07-2020	2.460,00	516,60	NO	1	B28334455 - SEGURIDAD Y EXTINCIÓN, S.L.	COMPLETO	2020
Ayuntamiento de Leganés	P/2020/142	Servicios	PRAFMT 142 DP 142/2020 CE 2020 / M - Servicio de mantenimiento de relojes de fichaje	12,00	1.800,00	378,00	22-07-2020	1.800,00	378,00	NO	1	B28344556 - CONTROL DE PRESENCIA, S.L.	COMPLETO	2020
Ayuntamiento de Leganés	P/2020/143	Obras	PRAFMT 143 DP 143/2020 OB 2020 / M - Reparación de firme calle Maestro	1,00	16.600,00	3.486,00	23-07-2020	16.300,00	3.423,00	NO	2	B28354657 - ASFALTOS Y FIRMES, S.L.	COMPLETO	2020
Ayuntamiento de Leganés	P/2020/144	Servicios	PRAFMT 144 DP 144/2020 CE 2020 / M - Servicio de recogida de animales abandonados	12,00	10.200,00	2.142,00	24-07-2020	10.200,00	2.142,00	NO	1	B28364758 - PROTECCIÓN ANIMAL SERVICIOS, S.L.	COMPLETO	2020
Ayuntamiento de Leganés	P/2020/145	Suministros	PRAFMT 145 DP 145/2020 MF 2020 / M - Suministro de pienso centro de protección animal	0,00	3.100,00	310,00	27-07-2020	3.100,00	310,00	NO	1	B28374859 - ALIMENTACIÓN ANIMAL, S.L.	COMPLETO	2020
Ayuntamiento de Leganés	P/2020/146	Servicios	PRAFMT 146 DP 146/2020 CE 2020 / M - Servicio veterinario centro de protección animal	12,00	8.600,00	1.806,00	28-07-2020	8.600,00	1.806,00	NO	1	B28384960 - CLÍNICA VETERINARIA LEGANÉS, S.L.P.	COMPLETO	2020
Ayuntamiento de Leganés	P/2020/147	Obras	PRAFMT 147 DP 147/2020 OB 2020 / M - Mejora de instalaciones centro de protección animal	1,00	18.100,00	3.801,00	29-07-2020	17.800,00	3.738,00	NO	2	B28395061 - CONSTRUCCIONES RURALES, S.L.	COMPLETO	2020
Ayuntamiento de Leganés	P/2020/148	Servicios	PRAFMT 148 DP 148/2020 CE 2020 / M - Servicio de estudio de movilidad urbana	3,00	14.400,00	3.024,00	30-07-2020	14.100,00	2.961,00	NO	2	B28405162 - INGENIERÍA DEL TRANSPORTE, S.L.	COMPLETO	2020
Ayuntamiento de Leganés	P/2020/149	Suministros	PRAFMT 149 DP 149/2020 MF 2020 / M - Adquisición de radios para Protección Civil	0,00	6.700,00	1.407,00	31-07-2020	6.700,00	1.407,00	NO	1	B28415263 - RADIOCOMUNICACIONES PROFESIONALES, S.L.	COMPLETO	2020
Ayuntamiento de Leganés	P/2020/150	Servicios	PRAFMT 150 DP 150/2020 CE 2020 / M - Servicio de mantenimiento vehículos Protección Civil	12,00	4.300,00	903,00	03-08-2020	4.300,00	903,00	NO	1	B28425364 - TALLERES DE EMERGENCIAS, S.L.	COMPLETO	2020
Ayuntamiento de Leganés	P/2020/151	Obras	PRAFMT 151 DP 151/2020 OB 2020 / M - Adecuación de local para sede de asociaciones vecinales	2,00	29.700,00	6.237,00	04-08-2020	29.200,00	6.132,00	NO	3	B28435465 - REHABILITACIÓN DE LOCALES, S.L.	COMPLETO	2020
Ayuntamiento de Leganés	P/2020/152	Servicios	PRAFMT 152 DP 152/2020 CE 2020 / M - Servicio de mediación vecinal comunitaria	6,00	9.100,00	0,00	05-08-2020	9.100,00	0,00	NO	1	G28445566 - ASOCIACIÓN DE MEDIACIÓN SOCIAL	COMPLETO	2020
Ayuntamiento de Leganés	P/2020/153	Suministros	PRAFMT 153 DP 153/2020 MF 2020 / M - Suministro de agua embotellada eventos	0,00	980,00	98,00	06-08-2020	980,00	98,00	NO	1	B28455667 - DISTRIBUCIÓN DE BEBIDAS, S.L.	COMPLETO	2020
Ayuntamiento de Leganés	P/2020/154	Servicios	PRAFMT 154 DP 154/2020 CE 2020 / M - Servicio de baños públicos portátiles	2,00	3.400,00	714,00	07-08-2020	3.400,00	714,00	NO	1	B28465768 - SANITARIOS PORTÁTILES, S.L.	COMPLETO	2020
Ayuntamiento de Leganés	P/2020/155	Obras	PRAFMT 155 DP 155/2020 OB 2020 / M - Sustitución de barandillas puente peatonal	1,00	10.900,00	2.289,00	10-08-2020	10.700,00	2.247,00	NO	2	B28475869 - CERRAJERÍA Y ESTRUCTURAS, S.L.	COMPLETO	2020
Ayuntamiento de Leganés	P/2020/156	Servicios	PRAFMT 156 DP 156/2020 CE 2020 / M - Servicio de inspección técnica de edificios municipales	3,00	7.300,00	1.533,00	11-08-2020	7.300,00	1.533,00	NO	1	B28485970 - ARQUITECTURA TÉCNICA ITE, S.L.P.	COMPLETO	2020
Ayuntamiento de Leganés	P/2020/157	Suministros	PRAFMT 157 DP 157/2020 MF 2020 / M - Adquisición de carpas para actos municipales	0,00	5.800,00	1.218,00	12-08-2020	5.800,00	1.218,00	NO	1	B28496071 - CARPAS Y EVENTOS, S.L.	COMPLETO	2020
Ayuntamiento de Leganés	P/2020/158	Servicios	PRAFMT 158 DP 158/2020 CE 2020 / M - Servicio de montaje de escenarios	1,00	4.100,00	861,00	13-08-2020	4.100,00	861,00	NO	1	B28506172 - MONTAJES ESCÉNICOS, S.L.	COMPLETO	2020
Ayuntamiento de Leganés	P/2020/159	Obras	PRAFMT 159 DP 159/2020 OB 2020 / M - Reparación de cubierta mercado municipal	1,00	20.300,00	4.263,00	14-08-2020	19.900,00	4.179,00	NO	2	B28516273 - CUBIERTAS INDUSTRIALES, S.L.	COMPLETO	2020
Ayuntamiento de Leganés	P/2020/160	Servicios	PRAFMT 160 DP 160/2020 CE 2020 / M - Servicio de asesoría fiscal y tributaria	6,00	6.500,00	1.365,00	17-08-2020	6.500,00	1.365,00	NO	1	B28526374 - ASESORES TRIBUTARIOS, S.L.P.	COMPLETO	2020
Ayuntamiento de Leganés	P/2020/161	Suministros	PRAFMT 161 DP 161/2020 MF 2020 / M - Suministro de tóner para impresoras	0,00	2.870,00	602,70	18-08-2020	2.870,00	602,70	NO	1	B28536475 - CONSUMIBLES INFORMÁTICOS, S.L.	COMPLETO	2020
Ayuntamiento de Leganés	P/2020/162	Servicios	PRAFMT 162 DP 162/2020 CE 2020 / M - Servicio de hosting web municipal	12,00	1.900,00	399,00	19-08-2020	1.900,00	399,00	NO	1	B28546576 - SERVIDORES Y HOSTING, S.L.	COMPLETO	2020
Ayuntamiento de Leganés	P/2020/163	Obras	PRAFMT 163 DP 163/2020 OB 2020 / M - Acondicionamiento de sala de servidores	1,00	11.300,00	2.373,00	20-08-2020	11.100,00	2.331,00	NO	2	B28556677 - INSTALACIONES TÉCNICAS CPD, S.L.	COMPLETO	2020
Ayuntamiento de Leganés	P/2020/164	Servicios	PRAFMT 164 DP 164/2020 CE 2020 / M - Servicio de ciberseguridad y análisis de vulnerabilidades	3,00	8.900,00	1.869,00	21-08-2020	8.900,00	1.869,00	NO	1	B28566778 - CIBERSEGURIDAD PÚBLICA, S.L.	COMPLETO	2020
Ayuntamiento de Leganés	P/2020/165	Suministros	PRAFMT 165 DP 165/2020 MF 2020 / M - Adquisición de switches y equipos de red	0,00	9.500,00	1.995,00	24-08-2020	9.300,00	1.953,00	NO	2	B28576879 - REDES Y COMUNICACIONES, S.L.	COMPLETO	2020
Ayuntamiento de Leganés	P/2020/166	Servicios	PRAFMT 166 DP 166/2020 CE 2020 / M - Servicio de formación en administración electrónica	1,00	2.800,00	0,00	25-08-2020	2.800,00	0,00	NO	1	B28586980 - FORMACIÓN DIGITAL PÚBLICA, S.L.	COMPLETO	2020
Ayuntamiento de Leganés	P/2020/167	Obras	PRAFMT 167 DP 167/2020 OB 2020 / M - Reparación de fachada casa consistorial	2,00	32.800,00	6.888,00	26-08-2020	32.200,00	6.762,00	NO	3	B28597081 - RESTAURACIÓN DE FACHADAS, S.L.	COMPLETO	2020
Ayuntamiento de Leganés	P/2020/168	Servicios	PRAFMT 168 DP 168/2020 CE 2020 / M - Servicio de limpieza de pintadas en fachadas	3,00	5.600,00	1.176,00	27-08-2020	5.600,00	1.176,00	NO	1	B28607182 - LIMPIEZA DE GRAFITIS, S.L.	COMPLETO	2020
Ayuntamiento de Leganés	P/2020/169	Suministros	PRAFMT 169 DP 169/2020 MF 2020 / M - Suministro de sal fundente para invierno	0,00	4.200,00	882,00	28-08-2020	4.200,00	882,00	NO	1	B28617283 - SALES Y MINERALES, S.L.	COMPLETO	2020
Ayuntamiento de Leganés	P/2020/170	Servicios	PRAFMT 170 DP 170/2020 CE 2020 / M - Servicio de retirada de nieve y hielo	3,00	12.500,00	2.625,00	31-08-2020	12.300,00	2.583,00	NO	2	B28627384 - SERVICIOS INVERNALES, S.L.	COMPLETO	2020
